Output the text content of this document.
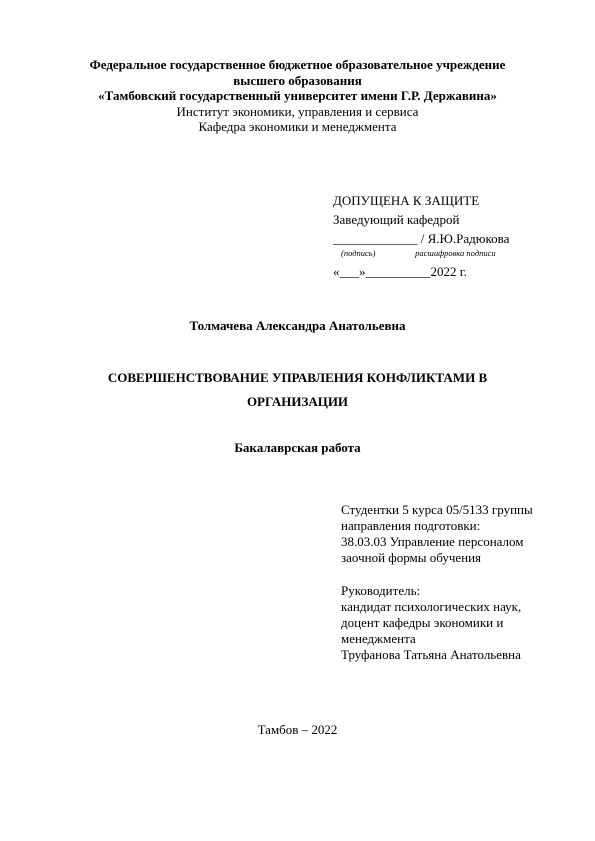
Федеральное государственное бюджетное образовательное учреждение
высшего образования
«Тамбовский государственный университет имени Г.Р. Державина»
Институт экономики, управления и сервиса
Кафедра экономики и менеджмента
ДОПУЩЕНА К ЗАЩИТЕ
Заведующий кафедрой
_____________ / Я.Ю.Радюкова
(подпись)	расшифровка подписи
«___»__________2022 г.
Толмачева Александра Анатольевна
СОВЕРШЕНСТВОВАНИЕ УПРАВЛЕНИЯ КОНФЛИКТАМИ В
ОРГАНИЗАЦИИ
Бакалаврская работа
Студентки 5 курса 05/5133 группы
направления подготовки:
38.03.03 Управление персоналом
заочной формы обучения
Руководитель:
кандидат психологических наук,
доцент кафедры экономики и
менеджмента
Труфанова Татьяна Анатольевна
Тамбов – 2022
